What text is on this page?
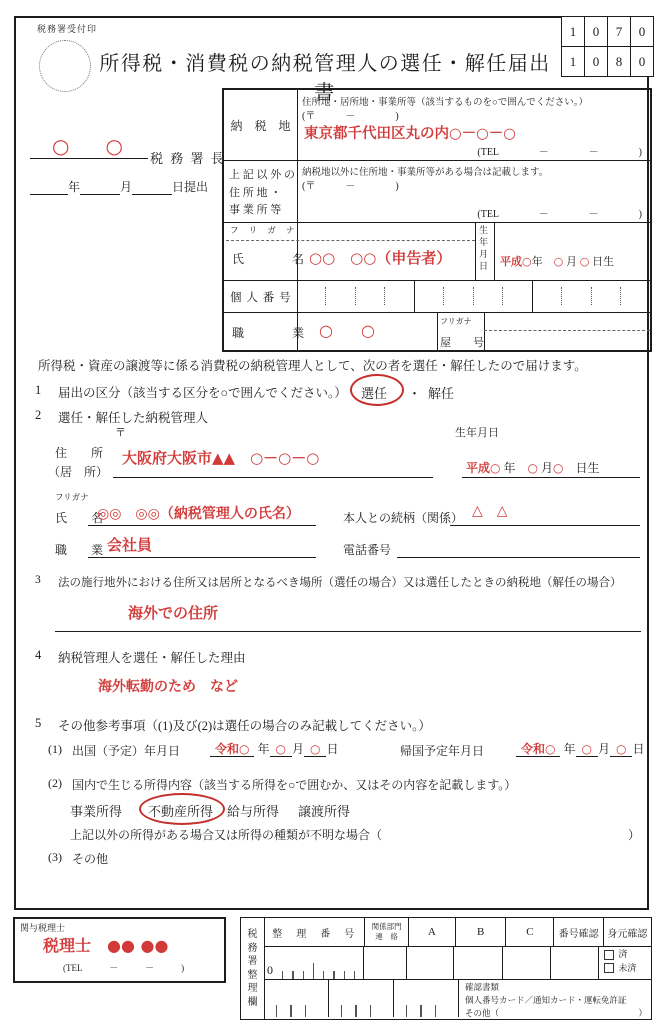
税務署受付印
所得税・消費税の納税管理人の選任・解任届出書
1	0	7	0
1	0	8	0
○　○
税 務 署 長
年	月	日提出
納　税　地
住所地・居所地・事業所等（該当するものを○で囲んでください。）
(〒　　　－　　　　)
東京都千代田区丸の内○－○－○
(TEL　　　　－　　　　－　　　　)
上 記 以 外 の
住 所 地 ・
事 業 所 等
納税地以外に住所地・事業所等がある場合は記載します。
(〒　　　－　　　　)
(TEL　　　　－　　　　－　　　　)
フ リ ガ ナ	生年月日
氏　　　　名 ○○　○○（申告者）	平成○年　 ○ 月 ○ 日生
個 人 番 号
職　　　　業 ○　○	フリガナ
屋　　号
所得税・資産の譲渡等に係る消費税の納税管理人として、次の者を選任・解任したので届けます。
1 届出の区分（該当する区分を○で囲んでください。） 選任 ・ 解任
2 選任・解任した納税管理人
〒	生年月日
住　　所
（居　所）
大阪府大阪市▲▲　○－○－○
平成○ 年　 ○ 月○　 日生
フリガナ
氏　　名
◎◎　◎◎（納税管理人の氏名）	本人との続柄（関係） △　△
職　　業 会社員	電話番号
3 法の施行地外における住所又は居所となるべき場所（選任の場合）又は選任したときの納税地（解任の場合）
海外での住所
4 納税管理人を選任・解任した理由
海外転勤のため　など
5 その他参考事項（(1)及び(2)は選任の場合のみ記載してください。）
(1) 出国（予定）年月日	令和○ 年 ○ 月 ○ 日	帰国予定年月日	令和○ 年 ○ 月 ○ 日
(2) 国内で生じる所得内容（該当する所得を○で囲むか、又はその内容を記載します。）
事業所得 不動産所得 給与所得 譲渡所得
上記以外の所得がある場合又は所得の種類が不明な場合（	）
(3) その他
関与税理士
税理士　●● ●●
(TEL　　　－　　　－　　　)
税務署整理欄
整　理　番　号
関係部門
連　絡	A	B	C	番号確認 身元確認
0
済
未済
確認書類
個人番号カード／通知カード・運転免許証
その他（	）
